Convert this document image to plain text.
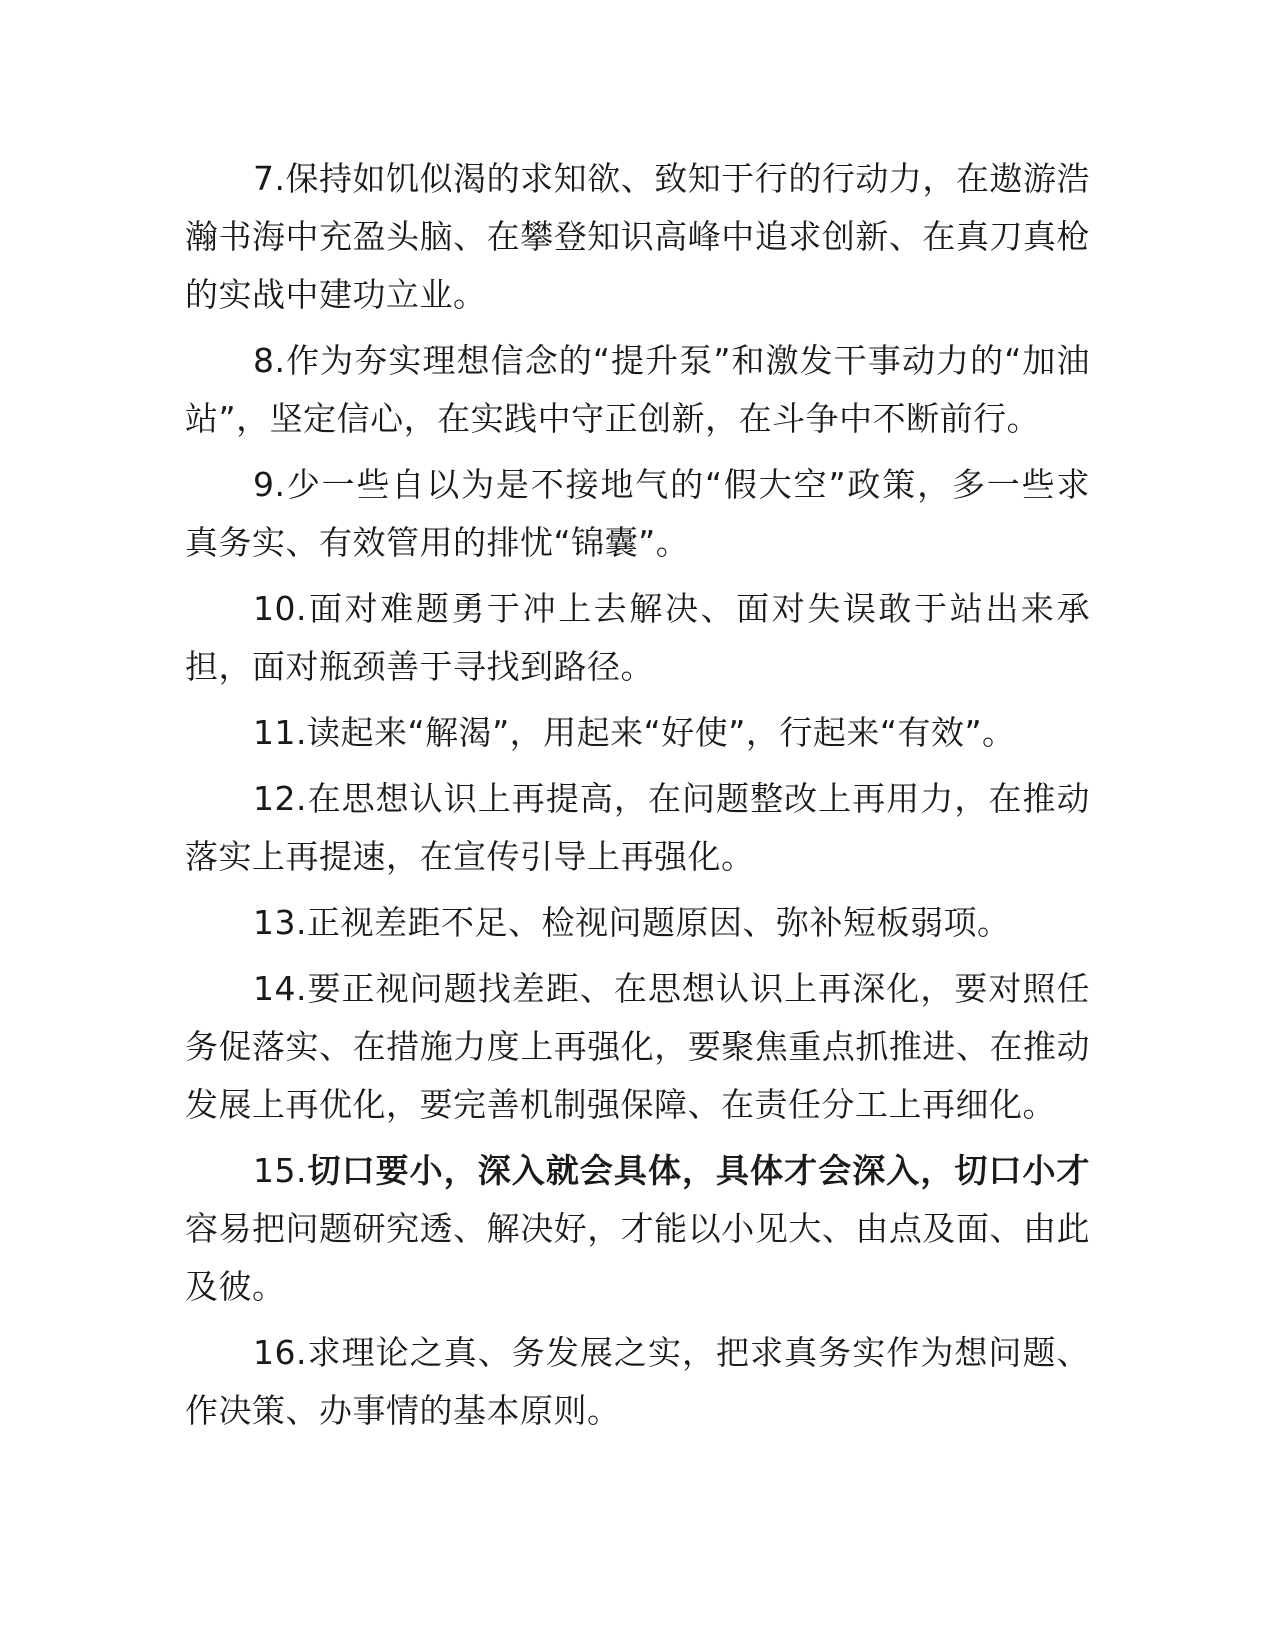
7.保持如饥似渴的求知欲、致知于行的行动力，在遨游浩瀚书海中充盈头脑、在攀登知识高峰中追求创新、在真刀真枪的实战中建功立业。

8.作为夯实理想信念的“提升泵”和激发干事动力的“加油站”，坚定信心，在实践中守正创新，在斗争中不断前行。

9.少一些自以为是不接地气的“假大空”政策，多一些求真务实、有效管用的排忧“锦囊”。

10.面对难题勇于冲上去解决、面对失误敢于站出来承担，面对瓶颈善于寻找到路径。

11.读起来“解渴”，用起来“好使”，行起来“有效”。

12.在思想认识上再提高，在问题整改上再用力，在推动落实上再提速，在宣传引导上再强化。

13.正视差距不足、检视问题原因、弥补短板弱项。

14.要正视问题找差距、在思想认识上再深化，要对照任务促落实、在措施力度上再强化，要聚焦重点抓推进、在推动发展上再优化，要完善机制强保障、在责任分工上再细化。

15.切口要小，深入就会具体，具体才会深入，切口小才容易把问题研究透、解决好，才能以小见大、由点及面、由此及彼。

16.求理论之真、务发展之实，把求真务实作为想问题、作决策、办事情的基本原则。
